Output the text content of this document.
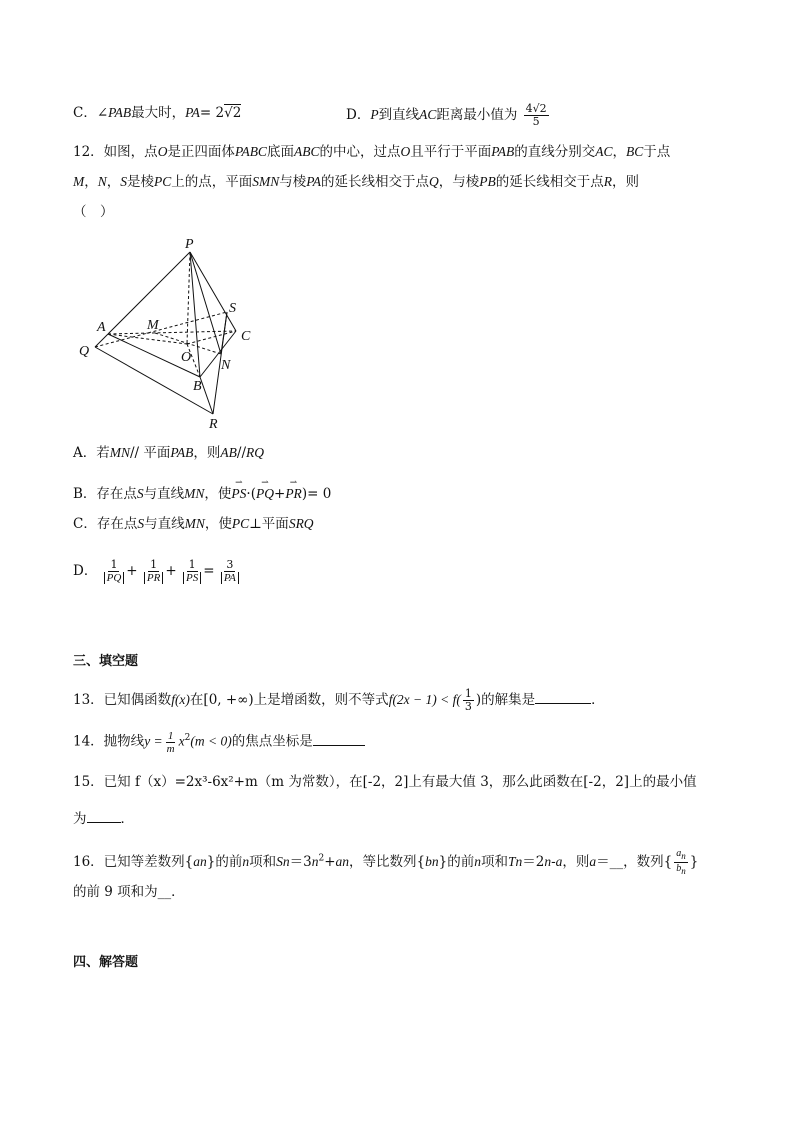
C．∠PAB最大时，PA= 2√2	D．P到直线AC距离最小值为 $\frac{4√2}{5}$
12．如图，点O是正四面体PABC底面ABC的中心，过点O且平行于平面PAB的直线分别交AC，BC于点
M，N，S是棱PC上的点，平面SMN与棱PA的延长线相交于点Q，与棱PB的延长线相交于点R，则
（　）
P
S
A	M
C
Q	O
N
B
R
A．若MN// 平面PAB，则AB//RQ
B．存在点S与直线MN，使⇀ PS·(⇀ PQ+⇀ PR)= 0
C．存在点S与直线MN，使PC⊥平面SRQ
D． $\frac{1}{PQ} + \frac{1}{PR} + \frac{1}{PS} = \frac{3}{PA}$
三、填空题
13．已知偶函数f(x)在[0, +∞)上是增函数，则不等式$f(2x - 1) < f( \frac{1}{3}$ )的解集是	．
14．抛物线$y = \frac{1}{m} x^2(m < 0)$的焦点坐标是
15．已知 f（x）=2x³-6x²+m（m 为常数），在[-2，2]上有最大值 3，那么此函数在[-2，2]上的最小值
为	．
16．已知等差数列{an}的前n项和$Sn=3n^2+an$，等比数列{bn}的前n项和Tn＝2n-a，则a＝__，数列{ $\frac{a_n}{b_n}$ }
的前 9 项和为__．
四、解答题
